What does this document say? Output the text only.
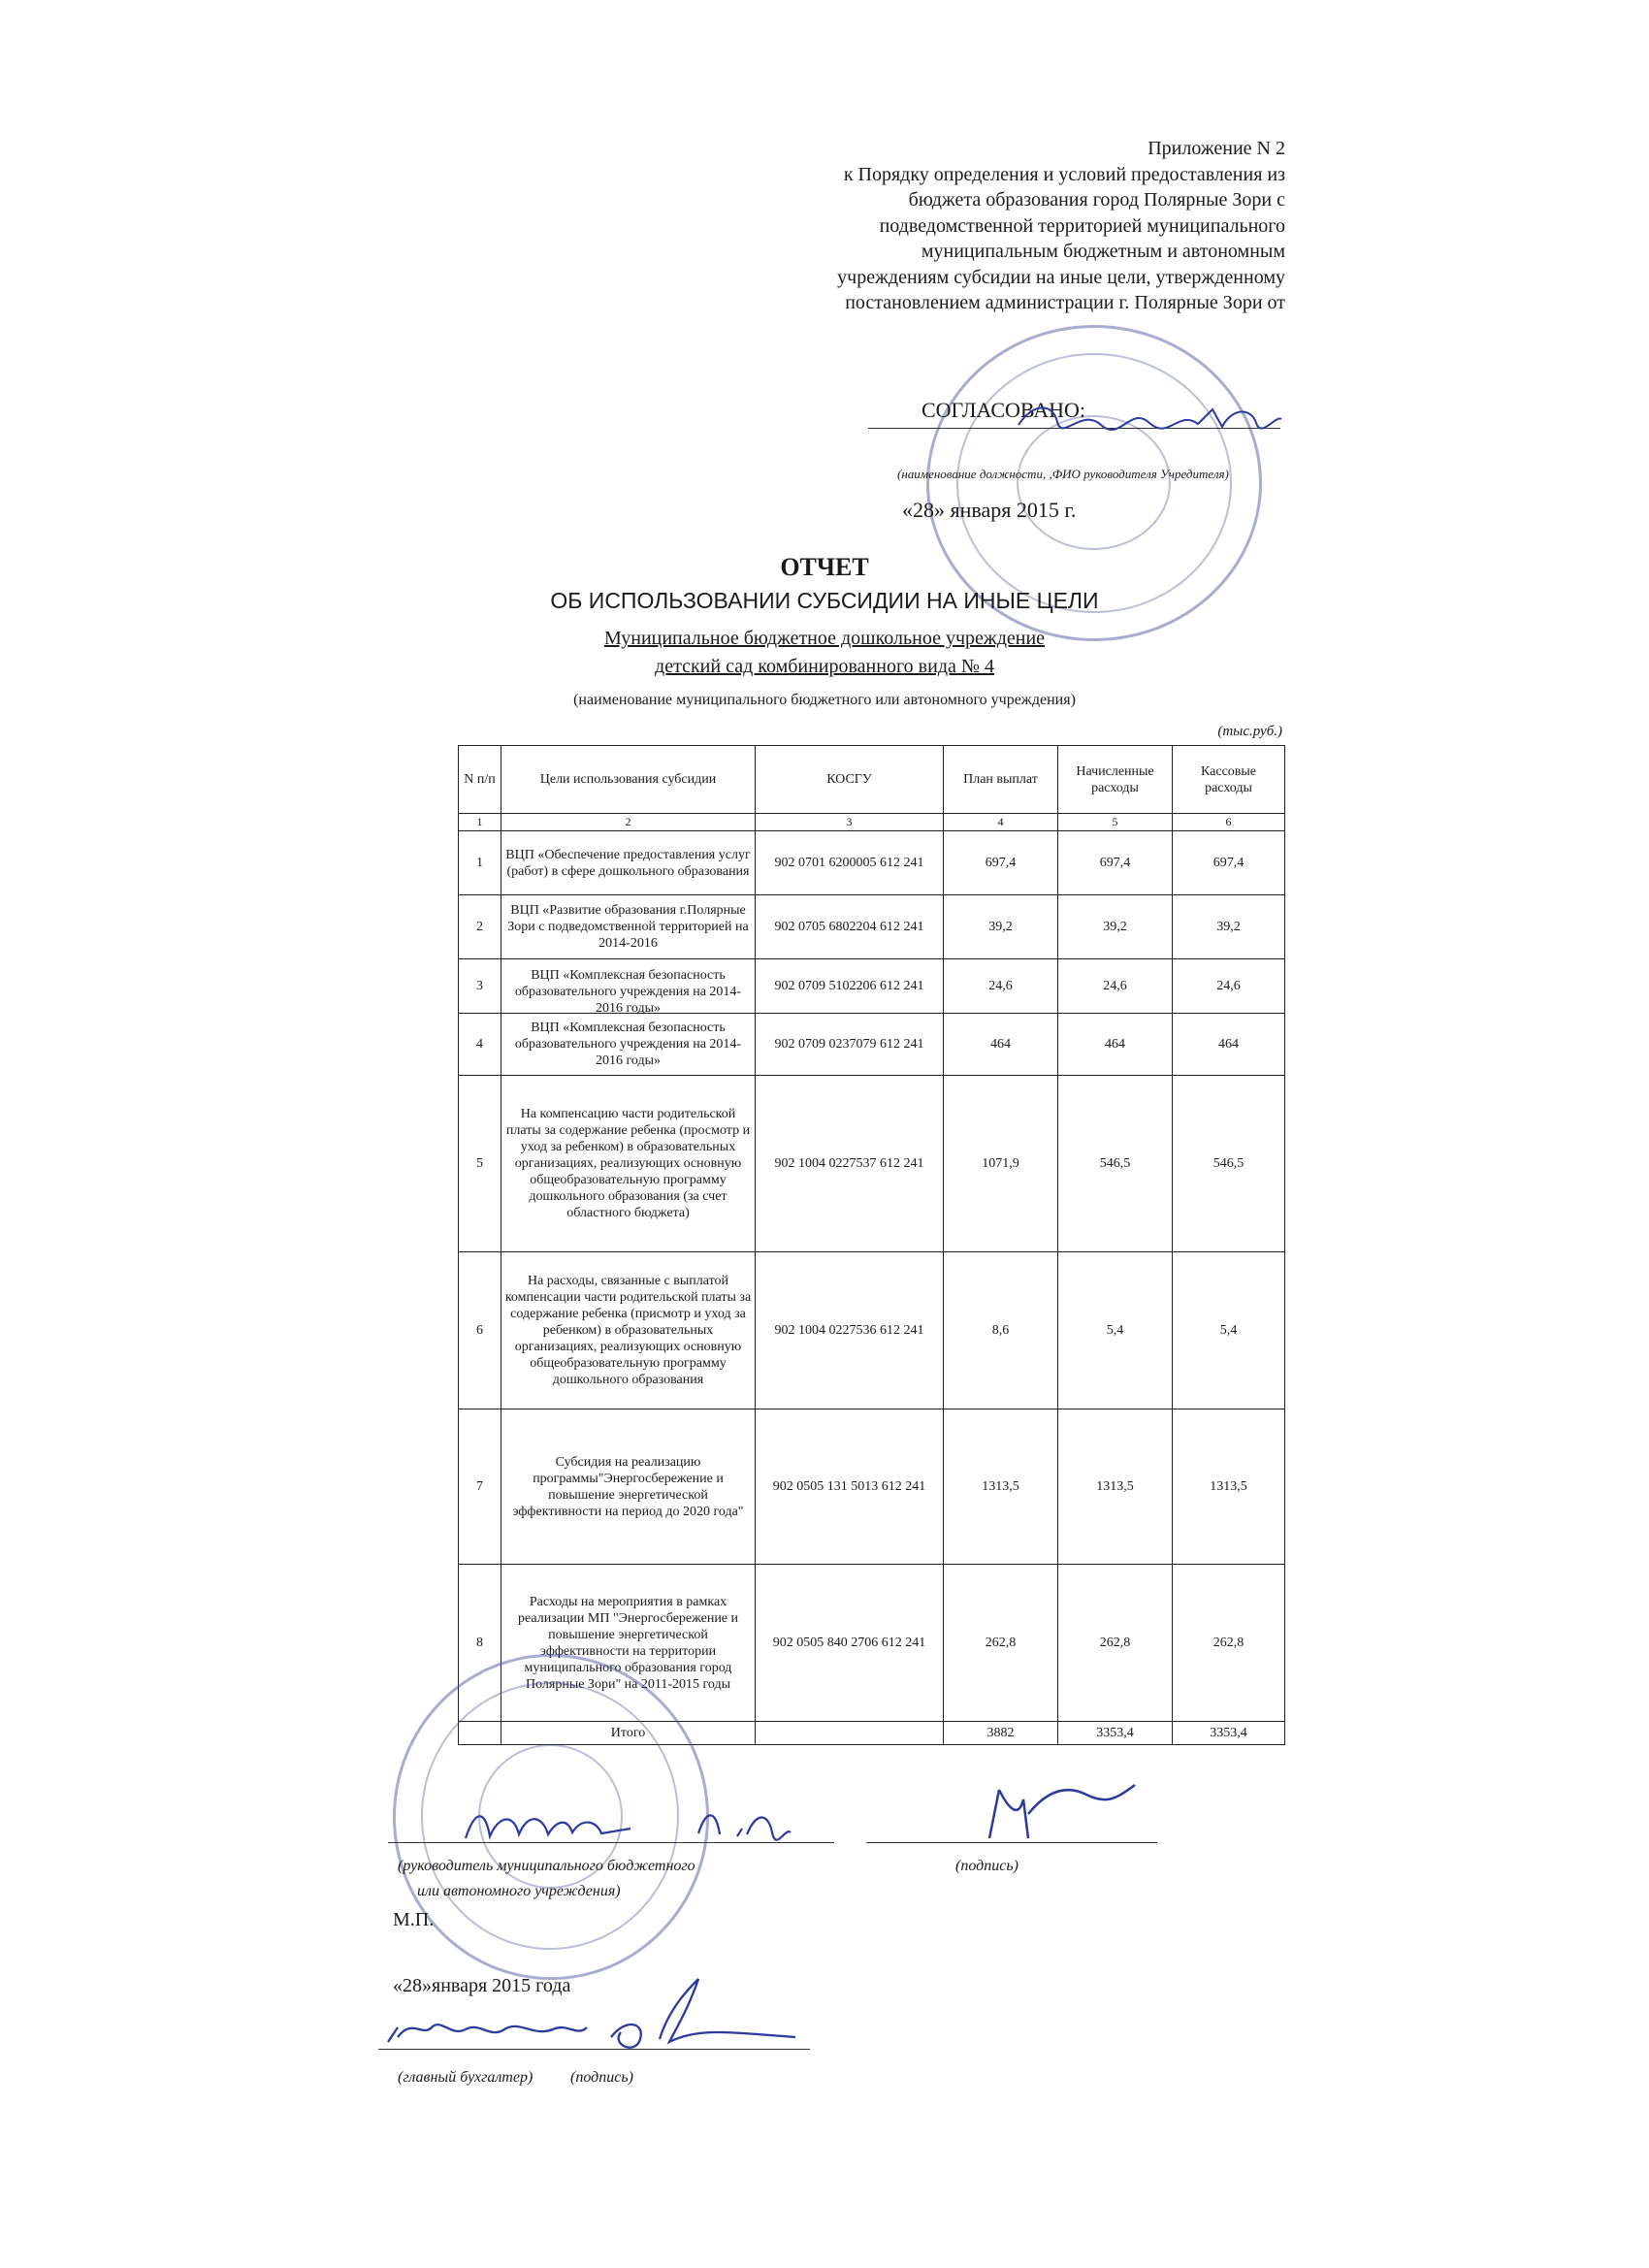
Приложение N 2
к Порядку определения и условий предоставления из
бюджета образования город Полярные Зори с
подведомственной территорией муниципального
муниципальным бюджетным и автономным
учреждениям субсидии на иные цели, утвержденному
постановлением администрации г. Полярные Зори от
СОГЛАСОВАНО:
(наименование должности, ,ФИО руководителя Учредителя)
«28» января 2015 г.
ОТЧЕТ
ОБ ИСПОЛЬЗОВАНИИ СУБСИДИИ НА ИНЫЕ ЦЕЛИ
Муниципальное бюджетное дошкольное учреждение
детский сад комбинированного вида № 4
(наименование муниципального бюджетного или автономного учреждения)
(тыс.руб.)
N п/п	Цели использования субсидии	КОСГУ	План выплат	Начисленные расходы	Кассовые расходы
1	2	3	4	5	6
1	ВЦП «Обеспечение предоставления услуг (работ) в сфере дошкольного образования	902 0701 6200005 612 241	697,4	697,4	697,4
2	ВЦП «Развитие образования г.Полярные Зори с подведомственной территорией на 2014-2016	902 0705 6802204 612 241	39,2	39,2	39,2
3	ВЦП «Комплексная безопасность образовательного учреждения на 2014-2016 годы»	902 0709 5102206 612 241	24,6	24,6	24,6
4	ВЦП «Комплексная безопасность образовательного учреждения на 2014-2016 годы»	902 0709 0237079 612 241	464	464	464
5	На компенсацию части родительской платы за содержание ребенка (просмотр и уход за ребенком) в образовательных организациях, реализующих основную общеобразовательную программу дошкольного образования (за счет областного бюджета)	902 1004 0227537 612 241	1071,9	546,5	546,5
6	На расходы, связанные с выплатой компенсации части родительской платы за содержание ребенка (присмотр и уход за ребенком) в образовательных организациях, реализующих основную общеобразовательную программу дошкольного образования	902 1004 0227536 612 241	8,6	5,4	5,4
7	Субсидия на реализацию программы"Энергосбережение и повышение энергетической эффективности на период до 2020 года"	902 0505 131 5013 612 241	1313,5	1313,5	1313,5
8	Расходы на мероприятия в рамках реализации МП "Энергосбережение и повышение энергетической эффективности на территории муниципального образования город Полярные Зори" на 2011-2015 годы	902 0505 840 2706 612 241	262,8	262,8	262,8
	Итого		3882	3353,4	3353,4
(руководитель муниципального бюджетного
или автономного учреждения)
(подпись)
М.П.
«28»января 2015 года
(главный бухгалтер) (подпись)
